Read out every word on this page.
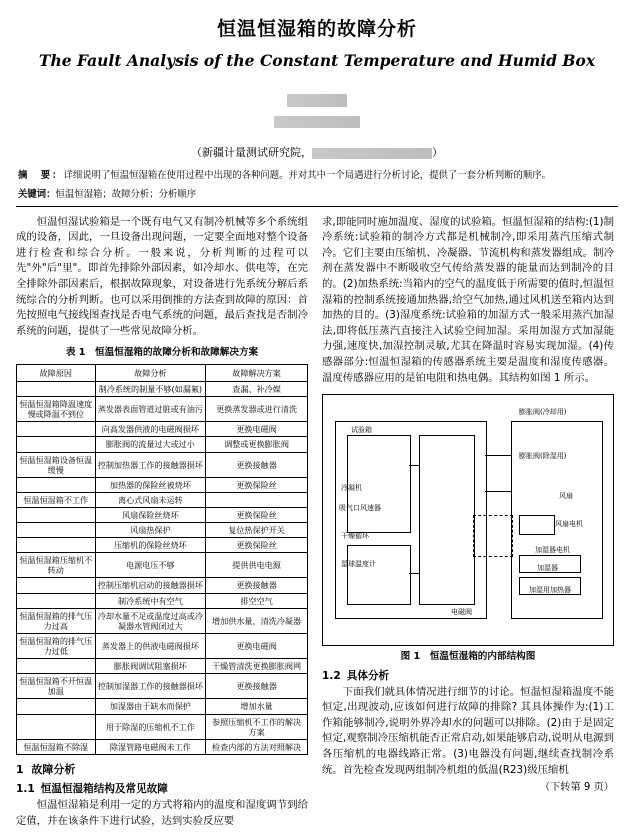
恒温恒湿箱的故障分析
The Fault Analysis of the Constant Temperature and Humid Box

（新疆计量测试研究院，	）
摘　要：详细说明了恒温恒湿箱在使用过程中出现的各种问题。并对其中一个局遇进行分析讨论，提供了一套分析判断的顺序。
关键词：恒温恒湿箱；故障分析；分析顺序

恒温恒湿试验箱是一个既有电气又有制冷机械等多个系统组成的设备，因此，一旦设备出现问题，一定要全面地对整个设备进行检查和综合分析。一般来说，分析判断的过程可以先"外"后"里"。即首先排除外部因素，如冷却水、供电等，在完全排除外部因素后，根据故障现象，对设备进行先系统分解后系统综合的分析判断。也可以采用倒推的方法查到故障的原因：首先按照电气接线图查找是否电气系统的问题，最后查找是否制冷系统的问题，提供了一些常见故障分析。

表 1　恒温恒湿箱的故障分析和故障解决方案
故障原因	故障分析	故障解决方案
	制冷系统的制量不够(如漏氟)	查漏、补冷媒
恒温恒湿箱降温速度慢或降温不到位	蒸发器表面管道过脏或有油污	更换蒸发器或进行清洗
	向高发器供液的电磁阀损坏	更换电磁阀
	膨胀阀的流量过大或过小	调整或更换膨胀阀
恒温恒湿箱设备恒温缓慢	控制加热器工作的接触器损坏	更换接触器
	加热器的保险丝被烧坏	更换保险丝
恒温恒湿箱不工作	离心式风扇未运转	
	风扇保险丝烧坏	更换保险丝
	风扇热保护	复位热保护开关
	压缩机的保险丝烧坏	更换保险丝
恒温恒湿箱压缩机不转动	电源电压不够	提供供电电源
	控制压缩机启动的接触器损坏	更换接触器
	制冷系统中有空气	排空空气
恒温恒湿箱的排气压力过高	冷却水量不足或温度过高或冷凝器水管阀闭过大	增加供水量，清洗冷凝器
恒温恒湿箱的排气压力过低	蒸发器上的供液电磁阀损坏	更换电磁阀
	膨胀阀调试阻塞损坏	干燥管清洗更换膨胀阀网
恒温恒湿箱不开恒温加温	控制加湿器工作的接触器损坏	更换接触器
	加湿器由于缺水而保护	增加水量
	用于除湿的压缩机不工作	参照压缩机不工作的解决方案
恒温恒湿箱不除湿	除湿管路电磁阀未工作	检查内部的方法对照解决
1 故障分析
1.1 恒温恒湿箱结构及常见故障

恒温恒湿箱是利用一定的方式将箱内的温度和湿度调节到给定值，并在该条件下进行试验，达到实验反应要

求,即能同时施加温度、湿度的试验箱。恒温恒湿箱的结构:(1)制冷系统:试验箱的制冷方式都是机械制冷,即采用蒸汽压缩式制冷。它们主要由压缩机、冷凝器、节流机构和蒸发器组成。制冷剂在蒸发器中不断吸收空气传给蒸发器的能量而达到制冷的目的。(2)加热系统:当箱内的空气的温度低于所需要的值时,恒温恒湿箱的控制系统接通加热器,给空气加热,通过风机送至箱内达到加热的目的。(3)湿度系统:试验箱的加湿方式一般采用蒸汽加湿法,即将低压蒸汽直接注入试验空间加湿。采用加湿方式加湿能力强,速度快,加湿控制灵敏,尤其在降温时容易实现加湿。(4)传感器部分:恒温恒湿箱的传感器系统主要是温度和湿度传感器。温度传感器应用的是铂电阻和热电偶。其结构如图 1 所示。

试验箱
冷凝机
吸气口风速器
干燥循环
湿球温度计
膨胀阀(冷却用)
膨胀阀(除湿用)
风扇
风扇电机
加湿器电机
加湿器
加湿用加热器
电磁阀
图 1　恒温恒湿箱的内部结构图
1.2 具体分析

下面我们就具体情况进行细节的讨论。恒温恒湿箱温度不能恒定,出现波动,应该如何进行故障的排除? 其具体操作为:(1)工作箱能够制冷,说明外界冷却水的问题可以排除。(2)由于是固定恒定,观察制冷压缩机能否正常启动,如果能够启动,说明从电源到各压缩机的电器线路正常。(3)电器没有问题,继续查找制冷系统。首先检查发现两组制冷机组的低温(R23)级压缩机

（下转第 9 页）
